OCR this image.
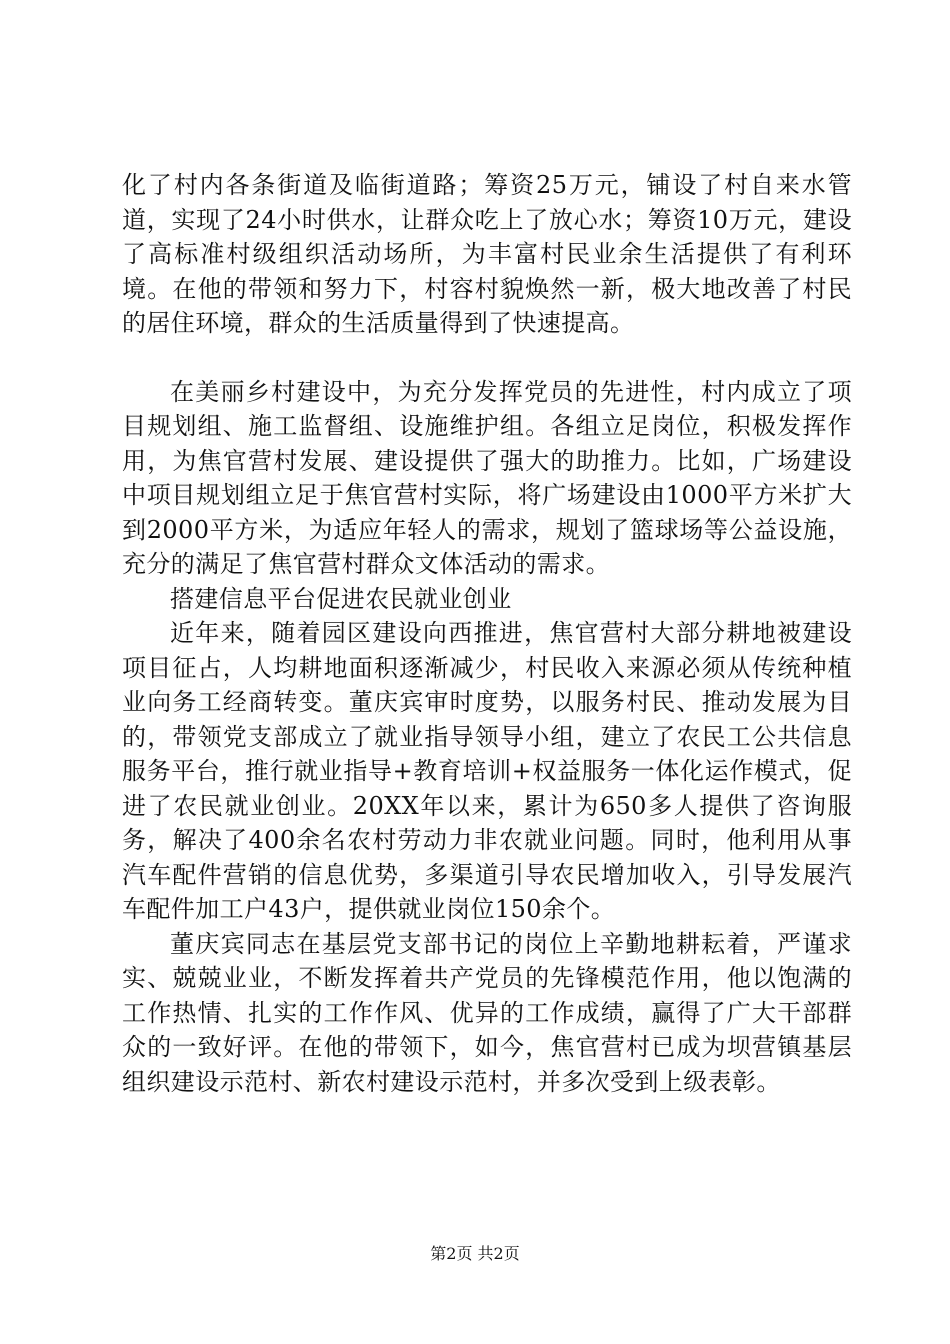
化了村内各条街道及临街道路；筹资25万元，铺设了村自来水管道，实现了24小时供水，让群众吃上了放心水；筹资10万元，建设了高标准村级组织活动场所，为丰富村民业余生活提供了有利环境。在他的带领和努力下，村容村貌焕然一新，极大地改善了村民的居住环境，群众的生活质量得到了快速提高。

在美丽乡村建设中，为充分发挥党员的先进性，村内成立了项目规划组、施工监督组、设施维护组。各组立足岗位，积极发挥作用，为焦官营村发展、建设提供了强大的助推力。比如，广场建设中项目规划组立足于焦官营村实际，将广场建设由1000平方米扩大到2000平方米，为适应年轻人的需求，规划了篮球场等公益设施，充分的满足了焦官营村群众文体活动的需求。

搭建信息平台促进农民就业创业

近年来，随着园区建设向西推进，焦官营村大部分耕地被建设项目征占，人均耕地面积逐渐减少，村民收入来源必须从传统种植业向务工经商转变。董庆宾审时度势，以服务村民、推动发展为目的，带领党支部成立了就业指导领导小组，建立了农民工公共信息服务平台，推行就业指导+教育培训+权益服务一体化运作模式，促进了农民就业创业。20XX年以来，累计为650多人提供了咨询服务，解决了400余名农村劳动力非农就业问题。同时，他利用从事汽车配件营销的信息优势，多渠道引导农民增加收入，引导发展汽车配件加工户43户，提供就业岗位150余个。

董庆宾同志在基层党支部书记的岗位上辛勤地耕耘着，严谨求实、兢兢业业，不断发挥着共产党员的先锋模范作用，他以饱满的工作热情、扎实的工作作风、优异的工作成绩，赢得了广大干部群众的一致好评。在他的带领下，如今，焦官营村已成为坝营镇基层组织建设示范村、新农村建设示范村，并多次受到上级表彰。

第2页 共2页
